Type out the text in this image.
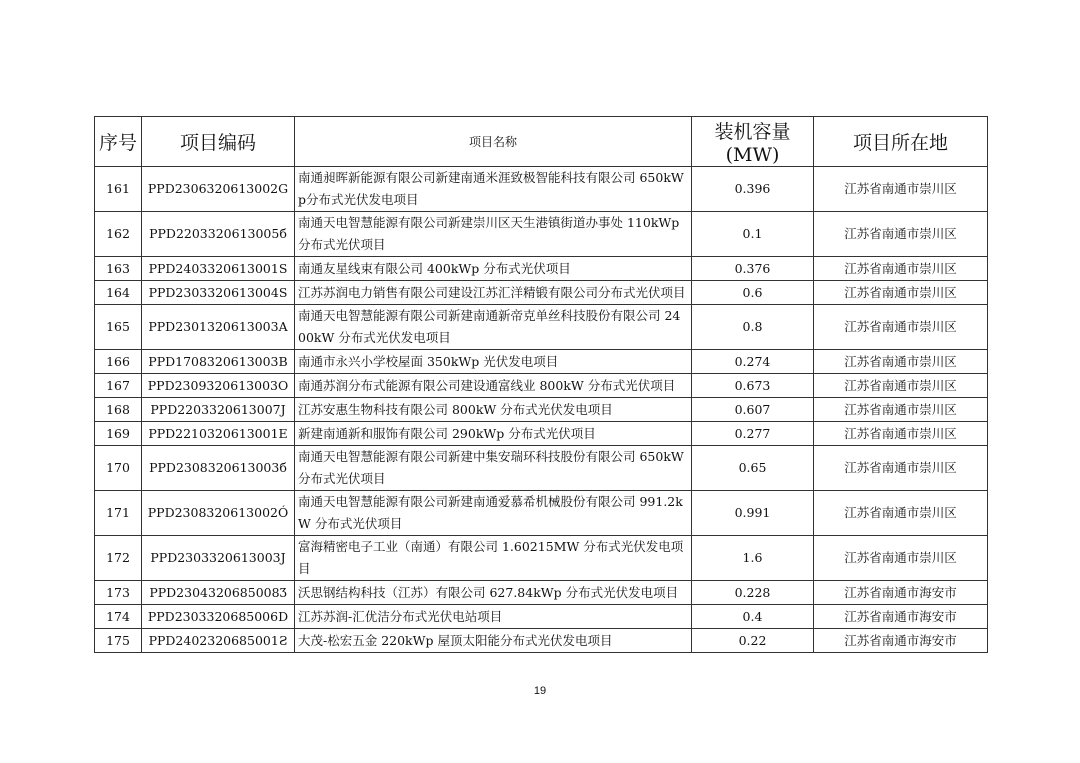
序号	项目编码	项目名称	装机容量(MW)	项目所在地
161	PPD2306320613002G	南通昶晖新能源有限公司新建南通米涯致极智能科技有限公司 650kWp分布式光伏发电项目	0.396	江苏省南通市崇川区
162	PPD2203320613005б	南通天电智慧能源有限公司新建崇川区天生港镇街道办事处 110kWp 分布式光伏项目	0.1	江苏省南通市崇川区
163	PPD2403320613001S	南通友星线束有限公司 400kWp 分布式光伏项目	0.376	江苏省南通市崇川区
164	PPD2303320613004S	江苏苏润电力销售有限公司建设江苏汇洋精锻有限公司分布式光伏项目	0.6	江苏省南通市崇川区
165	PPD2301320613003A	南通天电智慧能源有限公司新建南通新帝克单丝科技股份有限公司 2400kW 分布式光伏发电项目	0.8	江苏省南通市崇川区
166	PPD1708320613003B	南通市永兴小学校屋面 350kWp 光伏发电项目	0.274	江苏省南通市崇川区
167	PPD2309320613003O	南通苏润分布式能源有限公司建设通富线业 800kW 分布式光伏项目	0.673	江苏省南通市崇川区
168	PPD2203320613007J	江苏安惠生物科技有限公司 800kW 分布式光伏发电项目	0.607	江苏省南通市崇川区
169	PPD2210320613001E	新建南通新和服饰有限公司 290kWp 分布式光伏项目	0.277	江苏省南通市崇川区
170	PPD2308320613003б	南通天电智慧能源有限公司新建中集安瑞环科技股份有限公司 650kW 分布式光伏项目	0.65	江苏省南通市崇川区
171	PPD2308320613002Ó	南通天电智慧能源有限公司新建南通爱慕希机械股份有限公司 991.2kW 分布式光伏项目	0.991	江苏省南通市崇川区
172	PPD2303320613003J	富海精密电子工业（南通）有限公司 1.60215MW 分布式光伏发电项目	1.6	江苏省南通市崇川区
173	PPD2304320685008Ӡ	沃思钢结构科技（江苏）有限公司 627.84kWp 分布式光伏发电项目	0.228	江苏省南通市海安市
174	PPD2303320685006D	江苏苏润-汇优洁分布式光伏电站项目	0.4	江苏省南通市海安市
175	PPD2402320685001Ƨ	大茂-松宏五金 220kWp 屋顶太阳能分布式光伏发电项目	0.22	江苏省南通市海安市
19
